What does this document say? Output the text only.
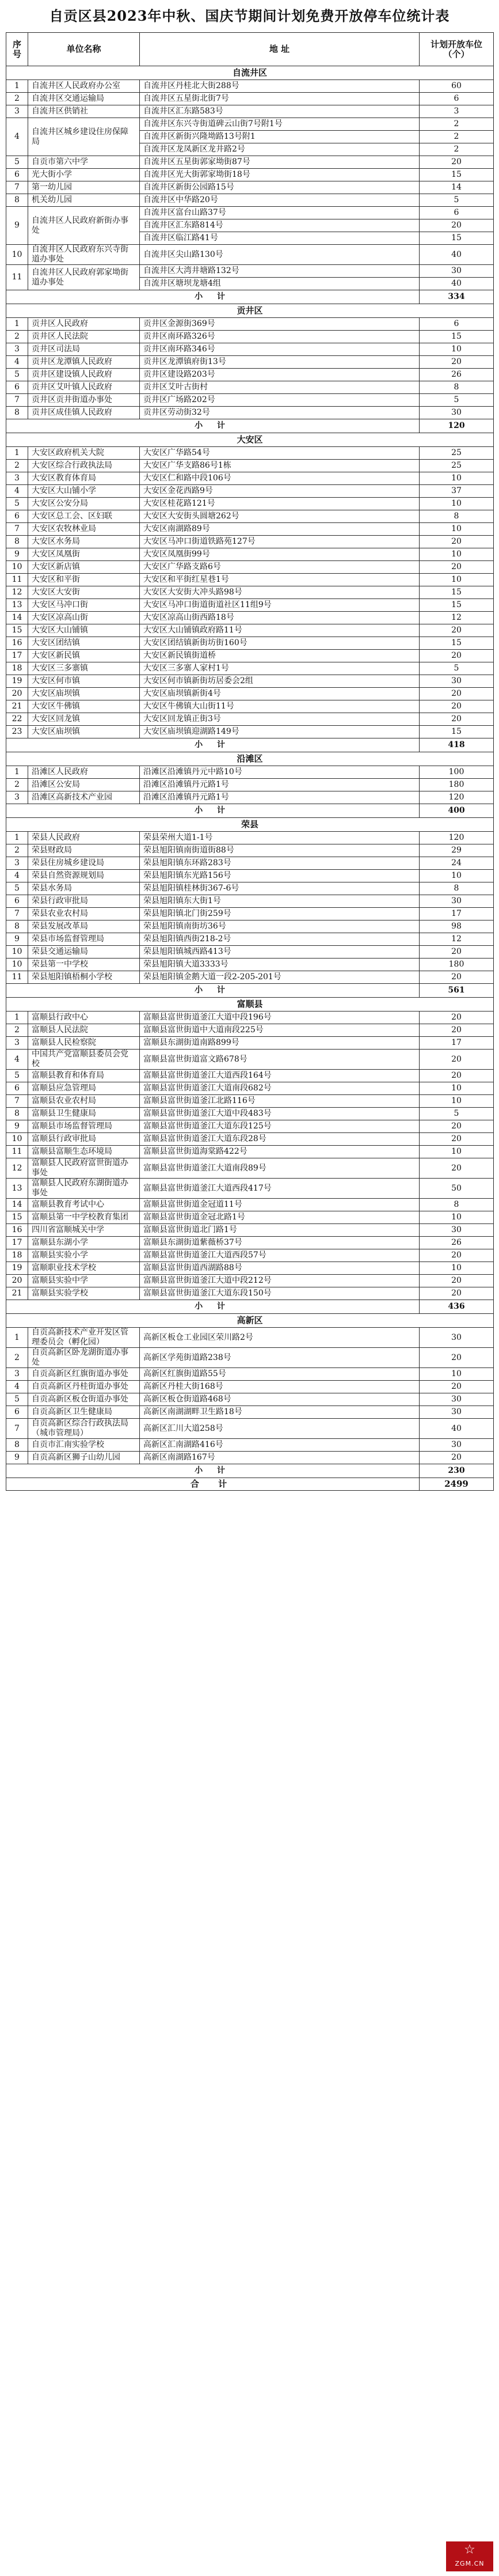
自贡区县2023年中秋、国庆节期间计划免费开放停车位统计表
序号	单位名称	地 址	计划开放车位（个）
自流井区			
1	自流井区人民政府办公室	自流井区丹桂北大街288号	60
2	自流井区交通运输局	自流井区五星街北街7号	6
3	自流井区供销社	自流井区汇东路583号	3
4	自流井区城乡建设住房保障局	自流井区东兴寺街道碑云山街7号附1号	2
		自流井区新街兴隆坳路13号附1	2
		自流井区龙凤新区龙井路2号	2
5	自贡市第六中学	自流井区五星街郭家坳街87号	20
6	光大街小学	自流井区光大街郭家坳街18号	15
7	第一幼儿园	自流井区新街公园路15号	14
8	机关幼儿园	自流井区中华路20号	5
9	自流井区人民政府新街办事处	自流井区富台山路37号	6
		自流井区汇东路814号	20
		自流井区临江路41号	15
10	自流井区人民政府东兴寺街道办事处	自流井区尖山路130号	40
11	自流井区人民政府郭家坳街道办事处	自流井区大湾井塘路132号	30
		自流井区塘坝龙塘4组	40
小 计			334
贡井区			
1	贡井区人民政府	贡井区金源街369号	6
2	贡井区人民法院	贡井区南环路326号	15
3	贡井区司法局	贡井区南环路346号	10
4	贡井区龙潭镇人民政府	贡井区龙潭镇府街13号	20
5	贡井区建设镇人民政府	贡井区建设路203号	26
6	贡井区艾叶镇人民政府	贡井区艾叶古街村	8
7	贡井区贡井街道办事处	贡井区广场路202号	5
8	贡井区成佳镇人民政府	贡井区劳动街32号	30
小 计			120
大安区			
1	大安区政府机关大院	大安区广华路54号	25
2	大安区综合行政执法局	大安区广华支路86号1栋	25
3	大安区教育体育局	大安区仁和路中段106号	10
4	大安区大山铺小学	大安区金花西路9号	37
5	大安区公安分局	大安区桂花路121号	10
6	大安区总工会、区妇联	大安区大安街头圆塘262号	8
7	大安区农牧林业局	大安区南湖路89号	10
8	大安区水务局	大安区马冲口街道铁路苑127号	20
9	大安区凤凰街	大安区凤凰街99号	10
10	大安区新店镇	大安区广华路支路6号	20
11	大安区和平街	大安区和平街红星巷1号	10
12	大安区大安街	大安区大安街大冲头路98号	15
13	大安区马冲口街	大安区马冲口街道街道社区11组9号	15
14	大安区凉高山街	大安区凉高山街西路18号	12
15	大安区大山铺镇	大安区大山铺镇政府路11号	20
16	大安区团结镇	大安区团结镇新街坊街160号	15
17	大安区新民镇	大安区新民镇街道桥	20
18	大安区三多寨镇	大安区三多寨人家村1号	5
19	大安区何市镇	大安区何市镇新街坊居委会2组	30
20	大安区庙坝镇	大安区庙坝镇新街4号	20
21	大安区牛佛镇	大安区牛佛镇大山街11号	20
22	大安区回龙镇	大安区回龙镇正街3号	20
23	大安区庙坝镇	大安区庙坝镇迎湖路149号	15
小 计			418
沿滩区			
1	沿滩区人民政府	沿滩区沿滩镇丹元中路10号	100
2	沿滩区公安局	沿滩区沿滩镇丹元路1号	180
3	沿滩区高新技术产业园	沿滩区沿滩镇丹元路1号	120
小 计			400
荣县			
1	荣县人民政府	荣县荣州大道1-1号	120
2	荣县财政局	荣县旭阳镇南街道街88号	29
3	荣县住房城乡建设局	荣县旭阳镇东环路283号	24
4	荣县自然资源规划局	荣县旭阳镇东光路156号	10
5	荣县水务局	荣县旭阳镇桂林街367-6号	8
6	荣县行政审批局	荣县旭阳镇东大街1号	30
7	荣县农业农村局	荣县旭阳镇北门街259号	17
8	荣县发展改革局	荣县旭阳镇南街坊36号	98
9	荣县市场监督管理局	荣县旭阳镇西街218-2号	12
10	荣县交通运输局	荣县旭阳镇城西路413号	20
10	荣县第一中学校	荣县旭阳镇大道3333号	180
11	荣县旭阳镇梧桐小学校	荣县旭阳镇金鹅大道一段2-205-201号	20
小 计			561
富顺县			
1	富顺县行政中心	富顺县富世街道釜江大道中段196号	20
2	富顺县人民法院	富顺县富世街道中大道南段225号	20
3	富顺县人民检察院	富顺县东湖街道南路899号	17
4	中国共产党富顺县委员会党校	富顺县富世街道富文路678号	20
5	富顺县教育和体育局	富顺县富世街道釜江大道西段164号	20
6	富顺县应急管理局	富顺县富世街道釜江大道南段682号	10
7	富顺县农业农村局	富顺县富世街道釜江北路116号	10
8	富顺县卫生健康局	富顺县富世街道釜江大道中段483号	5
9	富顺县市场监督管理局	富顺县富世街道釜江大道东段125号	20
10	富顺县行政审批局	富顺县富世街道釜江大道东段28号	20
11	富顺县富顺生态环境局	富顺县富世街道海棠路422号	10
12	富顺县人民政府富世街道办事处	富顺县富世街道釜江大道南段89号	20
13	富顺县人民政府东湖街道办事处	富顺县富世街道釜江大道西段417号	50
14	富顺县教育考试中心	富顺县富世街道金冠道11号	8
15	富顺县第一中学校教育集团	富顺县富世街道金冠北路1号	10
16	四川省富顺城关中学	富顺县富世街道北门路1号	30
17	富顺县东湖小学	富顺县东湖街道紫薇桥37号	26
18	富顺县实验小学	富顺县富世街道釜江大道西段57号	20
19	富顺职业技术学校	富顺县富世街道西湖路88号	10
20	富顺县实验中学	富顺县富世街道釜江大道中段212号	20
21	富顺县实验学校	富顺县富世街道釜江大道东段150号	20
小 计			436
高新区			
1	自贡高新技术产业开发区管理委员会（孵化园）	高新区板仓工业园区荣川路2号	30
2	自贡高新区卧龙湖街道办事处	高新区学苑街道路238号	20
3	自贡高新区红旗街道办事处	高新区红旗街道路55号	10
4	自贡高新区丹桂街道办事处	高新区丹桂大街168号	20
5	自贡高新区板仓街道办事处	高新区板仓街道路468号	30
6	自贡高新区卫生健康局	高新区南湖湖畔卫生路18号	30
7	自贡高新区综合行政执法局（城市管理局）	高新区汇川大道258号	40
8	自贡市汇南实验学校	高新区汇南湖路416号	30
9	自贡高新区狮子山幼儿园	高新区南湖路167号	20
小 计			230
合 计			2499
☆
ZGM.CN
